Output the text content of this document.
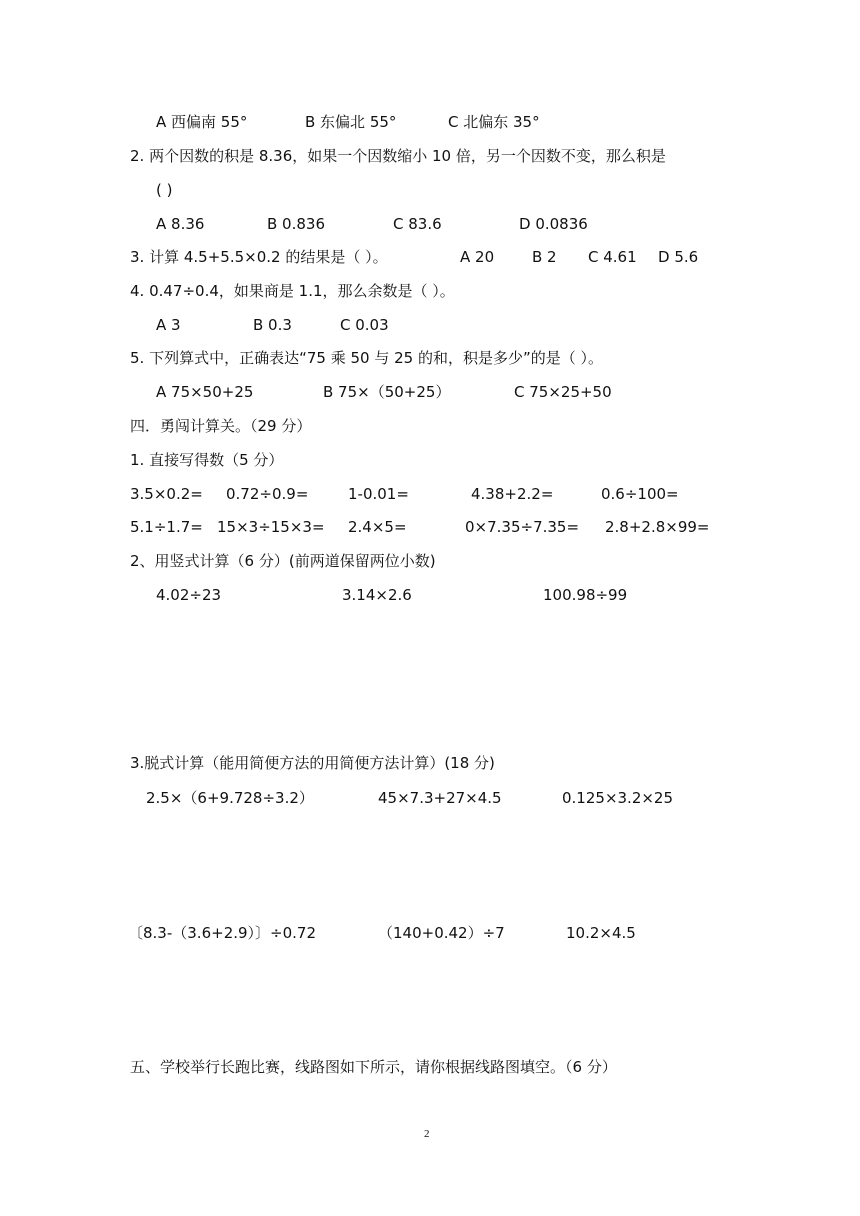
A 西偏南 55°	B 东偏北 55°	C 北偏东 35°
2. 两个因数的积是 8.36，如果一个因数缩小 10 倍，另一个因数不变，那么积是
( )
A 8.36	B 0.836	C 83.6	D 0.0836
3. 计算 4.5+5.5×0.2 的结果是（ ）。	A 20	B 2 C 4.61 D 5.6
4. 0.47÷0.4，如果商是 1.1，那么余数是（ ）。
A 3	B 0.3	C 0.03
5. 下列算式中，正确表达“75 乘 50 与 25 的和，积是多少”的是（ ）。
A 75×50+25	B 75×（50+25）	C 75×25+50
四．勇闯计算关。（29 分）
1. 直接写得数（5 分）
3.5×0.2= 0.72÷0.9=	1-0.01=	4.38+2.2=	0.6÷100=
5.1÷1.7= 15×3÷15×3= 2.4×5=	0×7.35÷7.35= 2.8+2.8×99=
2、用竖式计算（6 分）(前两道保留两位小数)
4.02÷23	3.14×2.6	100.98÷99
3.脱式计算（能用简便方法的用简便方法计算）(18 分)
2.5×（6+9.728÷3.2）	45×7.3+27×4.5	0.125×3.2×25
〔8.3-（3.6+2.9）〕÷0.72	（140+0.42）÷7	10.2×4.5
五、学校举行长跑比赛，线路图如下所示，请你根据线路图填空。（6 分）
2
